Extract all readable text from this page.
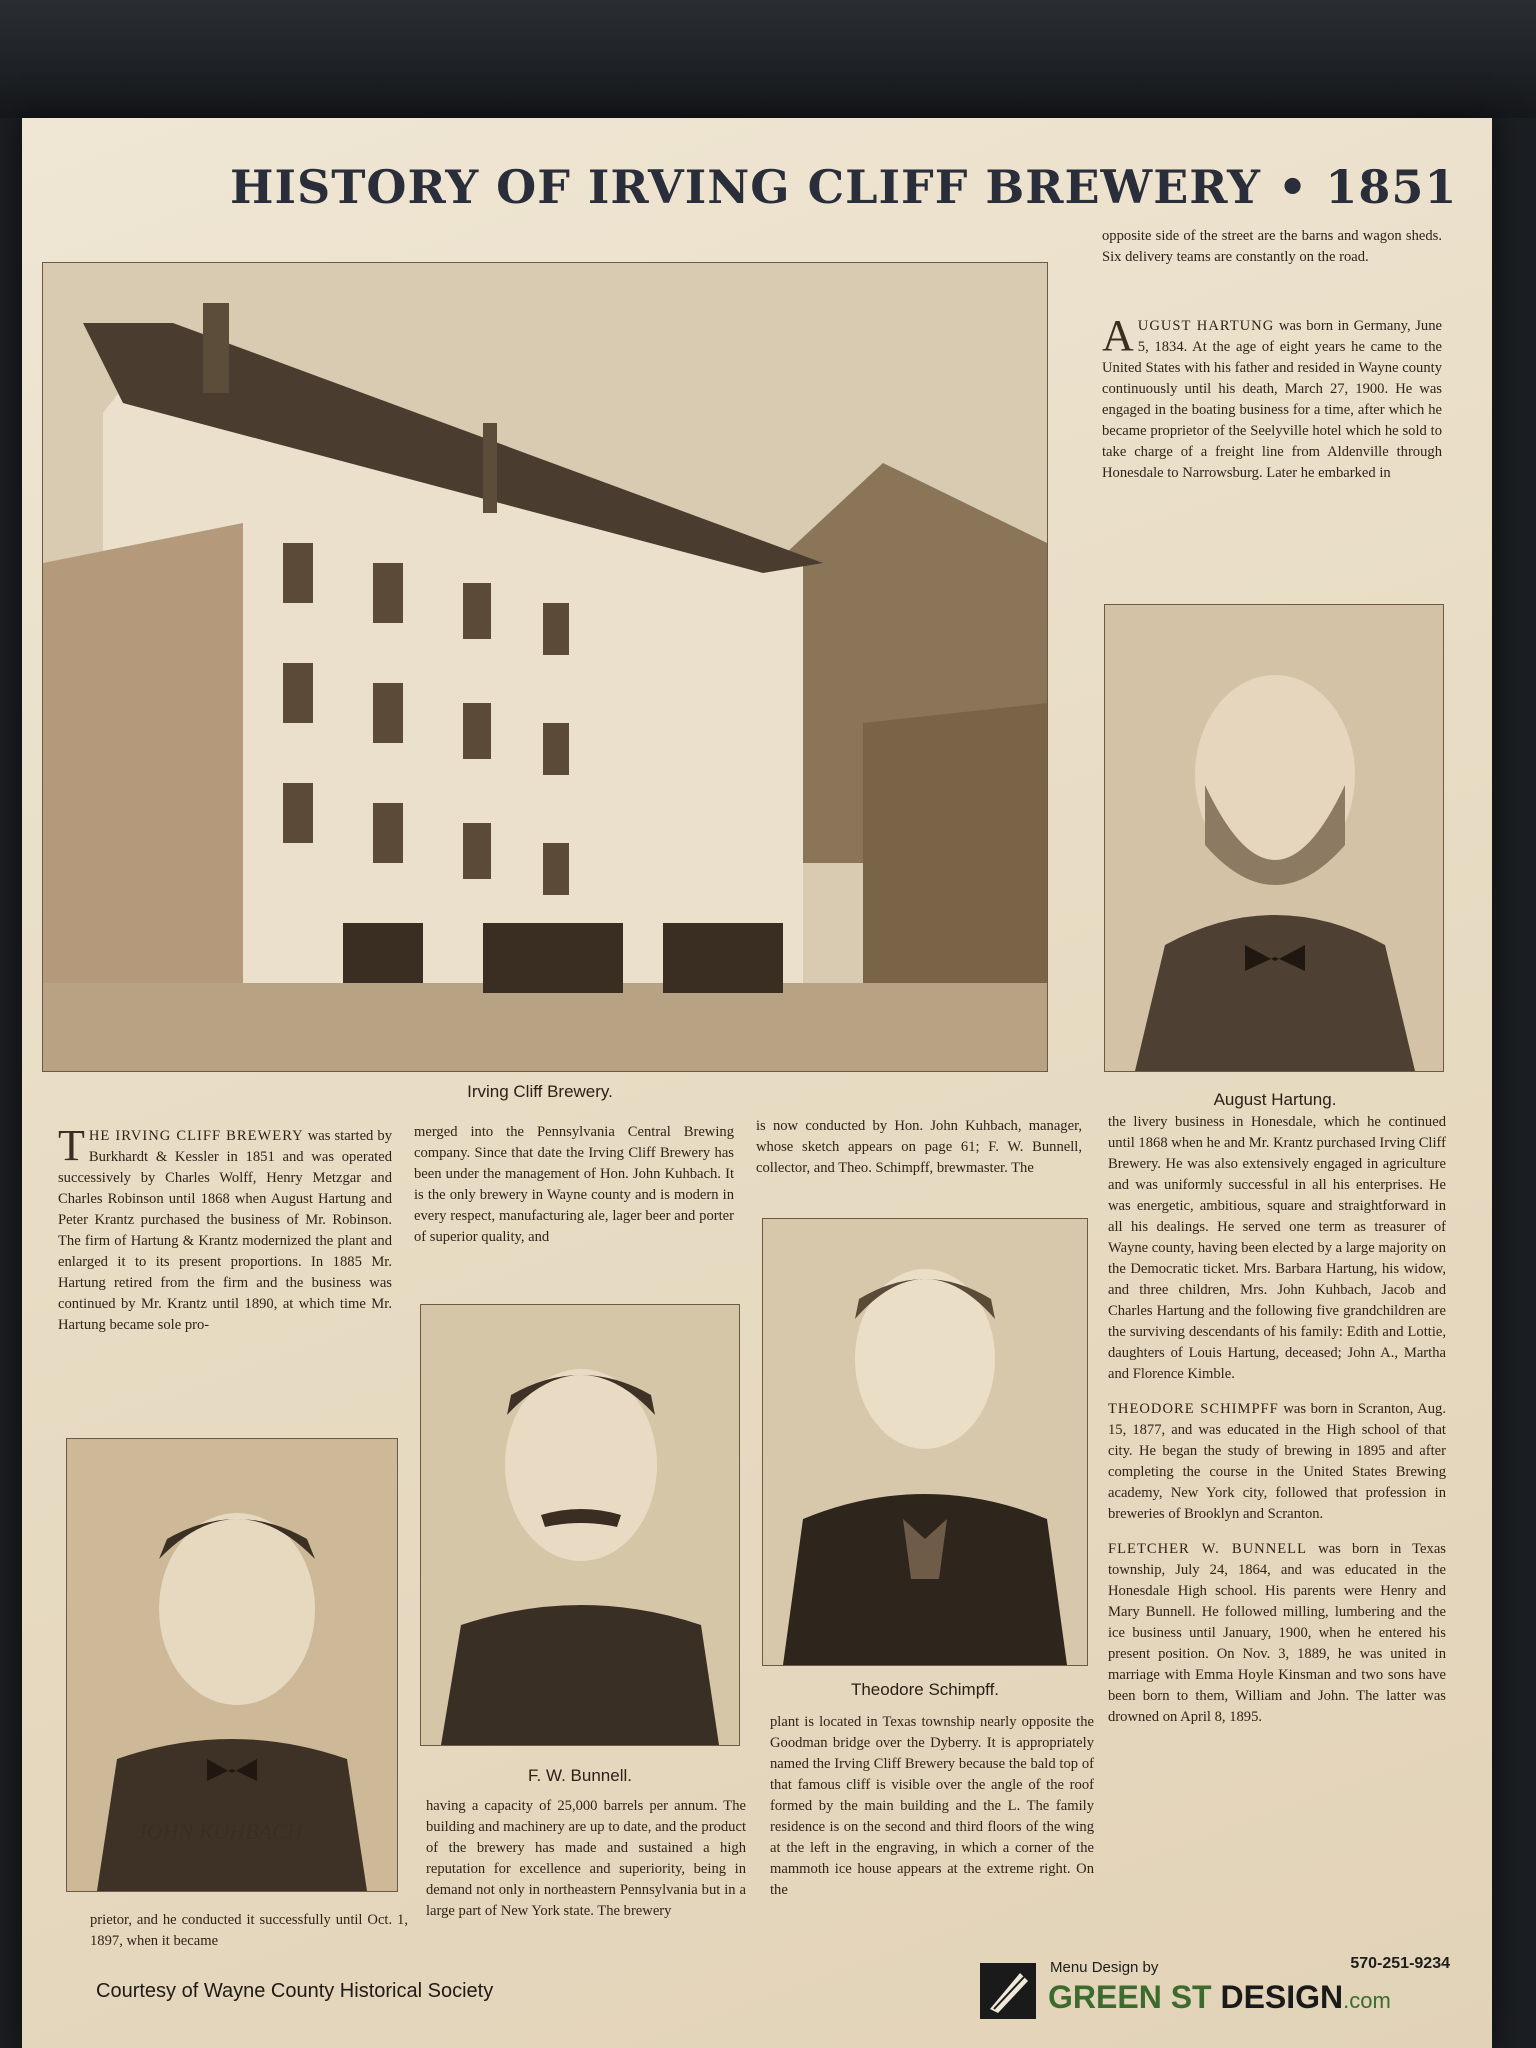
HISTORY OF IRVING CLIFF BREWERY • 1851
Irving Cliff Brewery.	August Hartung.
JOHN KUHBACH
F. W. Bunnell.
Theodore Schimpff.

opposite side of the street are the barns and wagon sheds. Six delivery teams are constantly on the road.

AUGUST HARTUNG was born in Germany, June 5, 1834. At the age of eight years he came to the United States with his father and resided in Wayne county continuously until his death, March 27, 1900. He was engaged in the boating business for a time, after which he became proprietor of the Seelyville hotel which he sold to take charge of a freight line from Aldenville through Honesdale to Narrowsburg. Later he embarked in

THE IRVING CLIFF BREWERY was started by Burkhardt & Kessler in 1851 and was operated successively by Charles Wolff, Henry Metzgar and Charles Robinson until 1868 when August Hartung and Peter Krantz purchased the business of Mr. Robinson. The firm of Hartung & Krantz modernized the plant and enlarged it to its present proportions. In 1885 Mr. Hartung retired from the firm and the business was continued by Mr. Krantz until 1890, at which time Mr. Hartung became sole pro-

prietor, and he conducted it successfully until Oct. 1, 1897, when it became

merged into the Pennsylvania Central Brewing company. Since that date the Irving Cliff Brewery has been under the management of Hon. John Kuhbach. It is the only brewery in Wayne county and is modern in every respect, manufacturing ale, lager beer and porter of superior quality, and

having a capacity of 25,000 barrels per annum. The building and machinery are up to date, and the product of the brewery has made and sustained a high reputation for excellence and superiority, being in demand not only in northeastern Pennsylvania but in a large part of New York state. The brewery

is now conducted by Hon. John Kuhbach, manager, whose sketch appears on page 61; F. W. Bunnell, collector, and Theo. Schimpff, brewmaster. The

plant is located in Texas township nearly opposite the Goodman bridge over the Dyberry. It is appropriately named the Irving Cliff Brewery because the bald top of that famous cliff is visible over the angle of the roof formed by the main building and the L. The family residence is on the second and third floors of the wing at the left in the engraving, in which a corner of the mammoth ice house appears at the extreme right. On the

the livery business in Honesdale, which he continued until 1868 when he and Mr. Krantz purchased Irving Cliff Brewery. He was also extensively engaged in agriculture and was uniformly successful in all his enterprises. He was energetic, ambitious, square and straightforward in all his dealings. He served one term as treasurer of Wayne county, having been elected by a large majority on the Democratic ticket. Mrs. Barbara Hartung, his widow, and three children, Mrs. John Kuhbach, Jacob and Charles Hartung and the following five grandchildren are the surviving descendants of his family: Edith and Lottie, daughters of Louis Hartung, deceased; John A., Martha and Florence Kimble.

THEODORE SCHIMPFF was born in Scranton, Aug. 15, 1877, and was educated in the High school of that city. He began the study of brewing in 1895 and after completing the course in the United States Brewing academy, New York city, followed that profession in breweries of Brooklyn and Scranton.

FLETCHER W. BUNNELL was born in Texas township, July 24, 1864, and was educated in the Honesdale High school. His parents were Henry and Mary Bunnell. He followed milling, lumbering and the ice business until January, 1900, when he entered his present position. On Nov. 3, 1889, he was united in marriage with Emma Hoyle Kinsman and two sons have been born to them, William and John. The latter was drowned on April 8, 1895.

Courtesy of Wayne County Historical Society
Menu Design by	570-251-9234
GREEN ST DESIGN.com
